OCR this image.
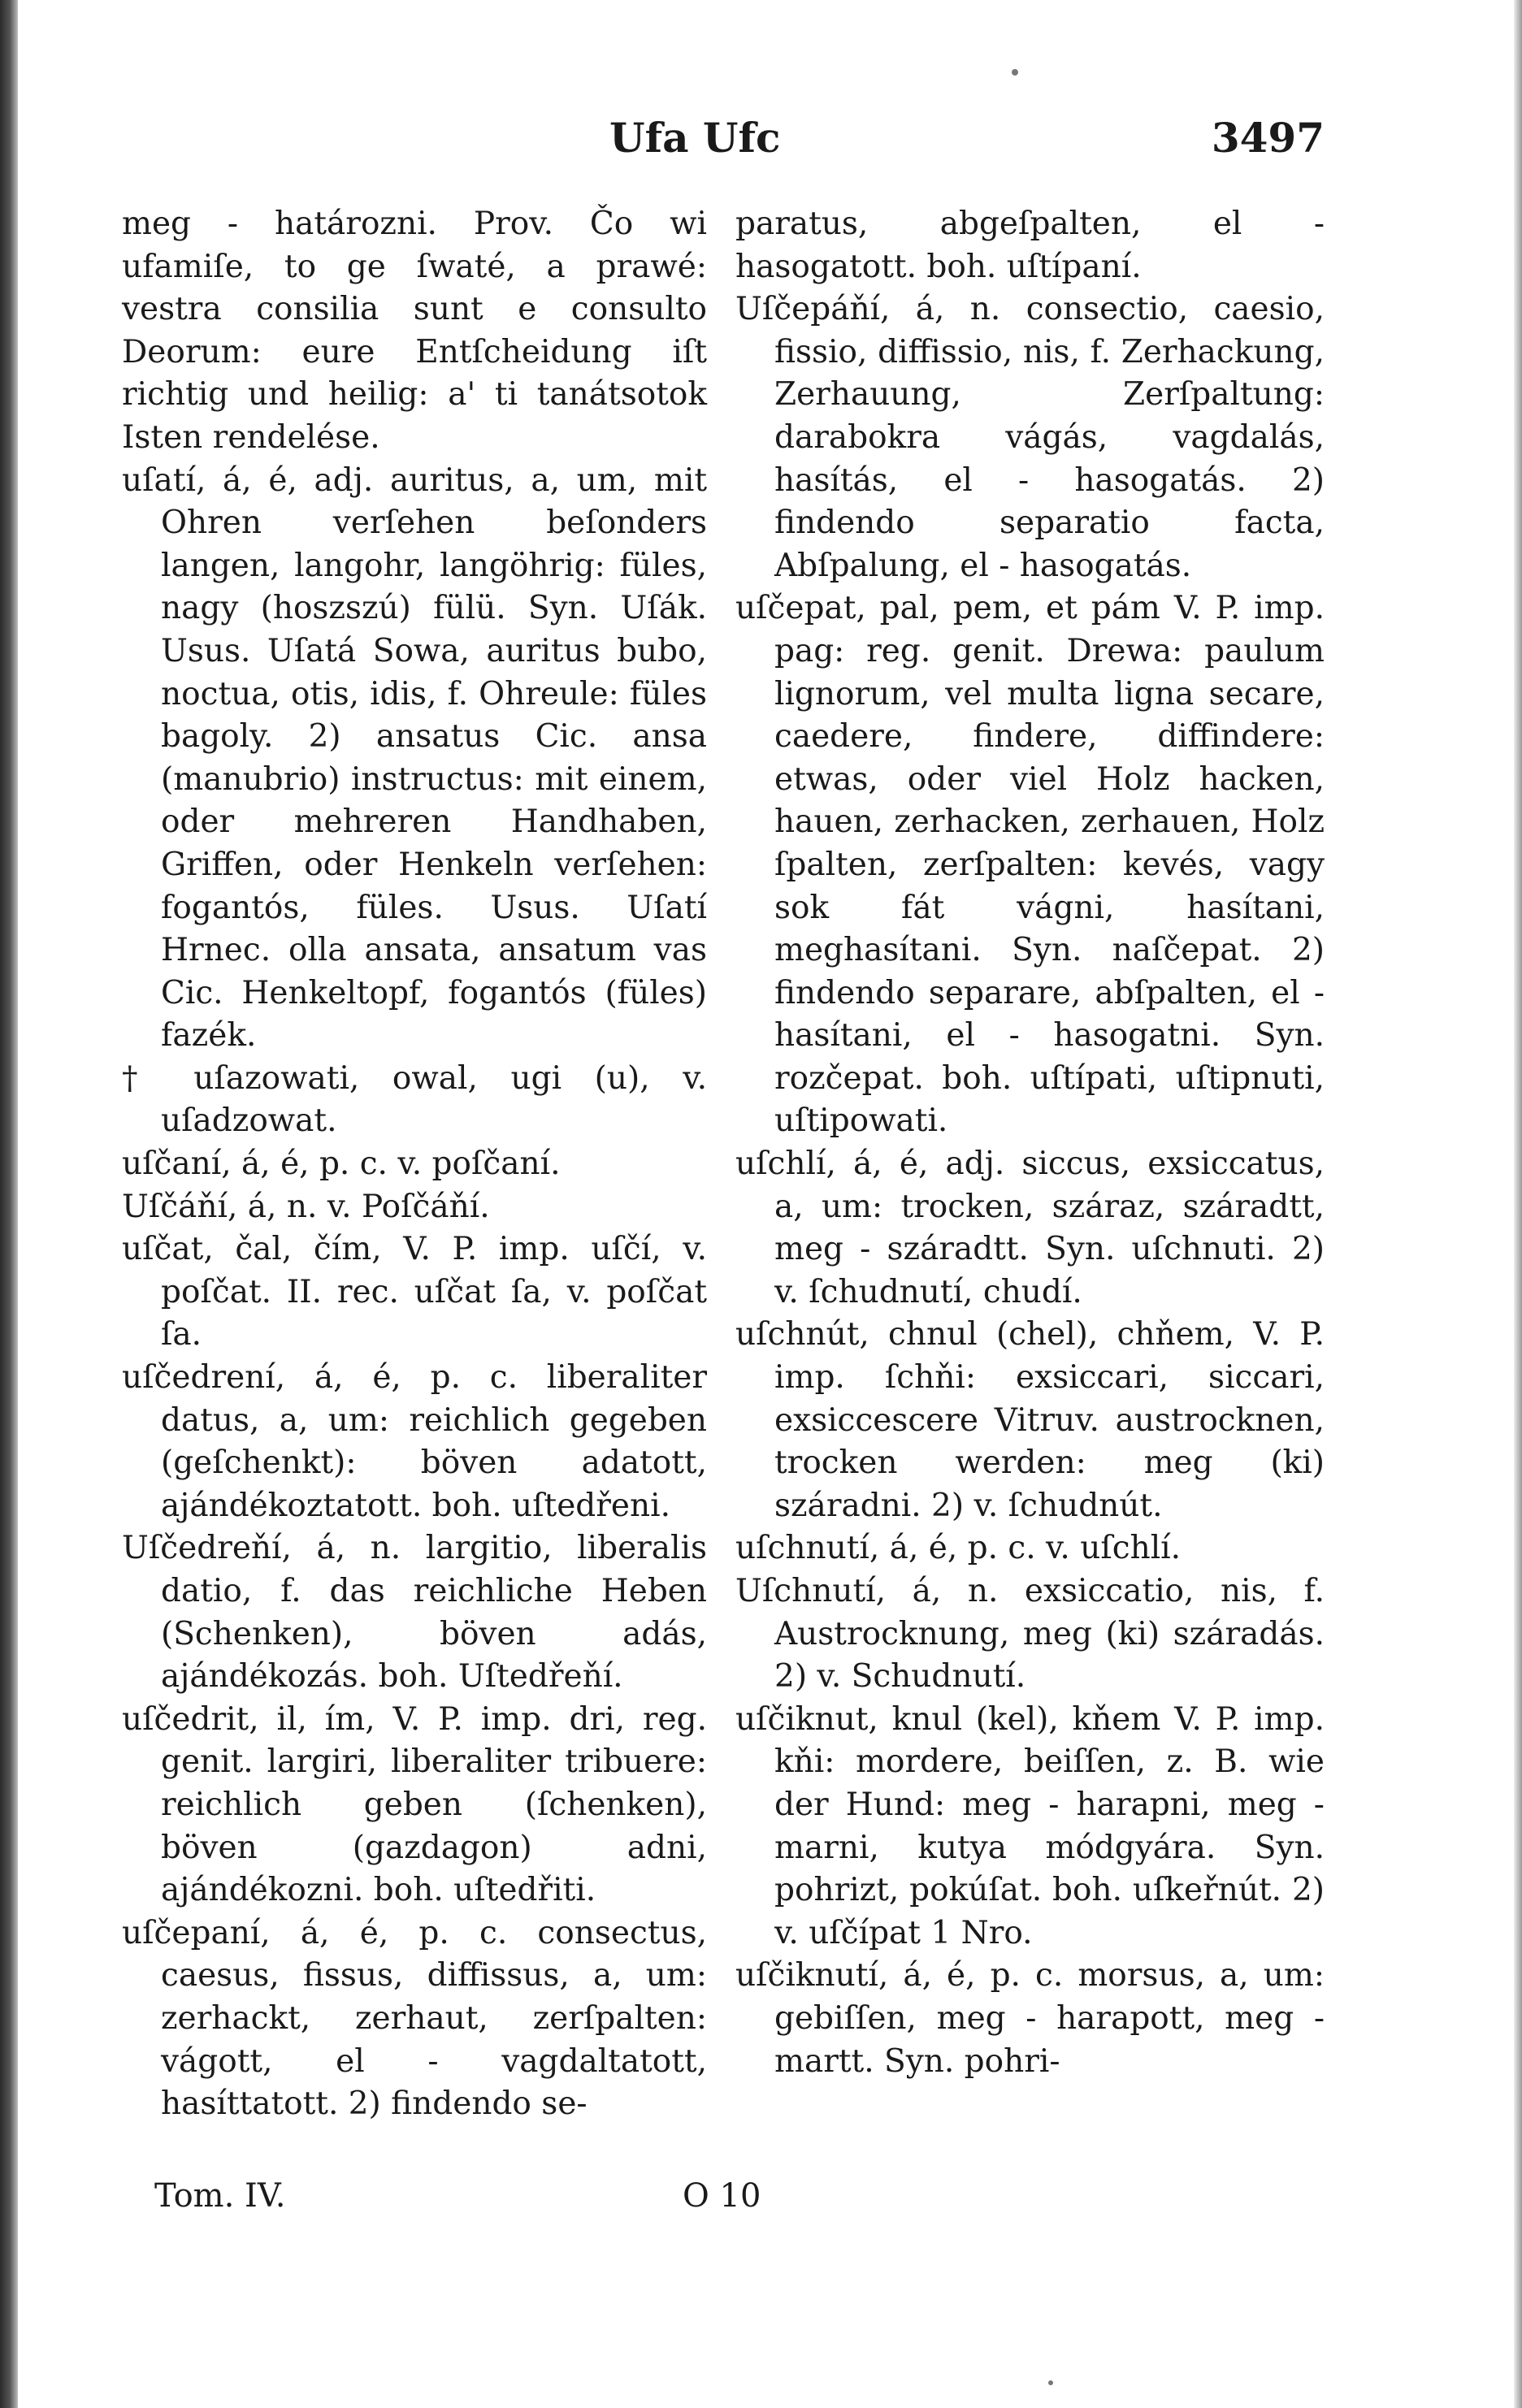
Ufa Ufc	3497

meg - határozni. Prov. Čo wi ufamiſe, to ge ſwaté, a prawé: vestra consilia sunt e consulto Deorum: eure Entſcheidung iſt richtig und heilig: a' ti tanátsotok Isten rendelése.

uſatí, á, é, adj. auritus, a, um, mit Ohren verſehen beſonders langen, langohr, langöhrig: füles, nagy (hoszszú) fülü. Syn. Uſák. Usus. Uſatá Sowa, auritus bubo, noctua, otis, idis, f. Ohreule: füles bagoly. 2) ansatus Cic. ansa (manubrio) instructus: mit einem, oder mehreren Handhaben, Griffen, oder Henkeln verſehen: fogantós, füles. Usus. Uſatí Hrnec. olla ansata, ansatum vas Cic. Henkeltopf, fogantós (füles) fazék.

† uſazowati, owal, ugi (u), v. uſadzowat.

uſčaní, á, é, p. c. v. poſčaní.

Uſčáňí, á, n. v. Poſčáňí.

uſčat, čal, čím, V. P. imp. uſčí, v. poſčat. II. rec. uſčat ſa, v. poſčat ſa.

uſčedrení, á, é, p. c. liberaliter datus, a, um: reichlich gegeben (geſchenkt): böven adatott, ajándékoztatott. boh. uſtedřeni.

Uſčedreňí, á, n. largitio, liberalis datio, f. das reichliche Heben (Schenken), böven adás, ajándékozás. boh. Uſtedřeňí.

uſčedrit, il, ím, V. P. imp. dri, reg. genit. largiri, liberaliter tribuere: reichlich geben (ſchenken), böven (gazdagon) adni, ajándékozni. boh. uſtedřiti.

uſčepaní, á, é, p. c. consectus, caesus, fissus, diffissus, a, um: zerhackt, zerhaut, zerſpalten: vágott, el - vagdaltatott, hasíttatott. 2) findendo se-

paratus, abgeſpalten, el - hasogatott. boh. uſtípaní.

Uſčepáňí, á, n. consectio, caesio, fissio, diffissio, nis, f. Zerhackung, Zerhauung, Zerſpaltung: darabokra vágás, vagdalás, hasítás, el - hasogatás. 2) findendo separatio facta, Abſpalung, el - hasogatás.

uſčepat, pal, pem, et pám V. P. imp. pag: reg. genit. Drewa: paulum lignorum, vel multa ligna secare, caedere, findere, diffindere: etwas, oder viel Holz hacken, hauen, zerhacken, zerhauen, Holz ſpalten, zerſpalten: kevés, vagy sok fát vágni, hasítani, meghasítani. Syn. naſčepat. 2) findendo separare, abſpalten, el - hasítani, el - hasogatni. Syn. rozčepat. boh. uſtípati, uſtipnuti, uſtipowati.

uſchlí, á, é, adj. siccus, exsiccatus, a, um: trocken, száraz, száradtt, meg - száradtt. Syn. uſchnuti. 2) v. ſchudnutí, chudí.

uſchnút, chnul (chel), chňem, V. P. imp. ſchňi: exsiccari, siccari, exsiccescere Vitruv. austrocknen, trocken werden: meg (ki) száradni. 2) v. ſchudnút.

uſchnutí, á, é, p. c. v. uſchlí.

Uſchnutí, á, n. exsiccatio, nis, f. Austrocknung, meg (ki) száradás. 2) v. Schudnutí.

uſčiknut, knul (kel), kňem V. P. imp. kňi: mordere, beiſſen, z. B. wie der Hund: meg - harapni, meg - marni, kutya módgyára. Syn. pohrizt, pokúſat. boh. uſkeřnút. 2) v. uſčípat 1 Nro.

uſčiknutí, á, é, p. c. morsus, a, um: gebiſſen, meg - harapott, meg - martt. Syn. pohri-

Tom. IV.	O 10
